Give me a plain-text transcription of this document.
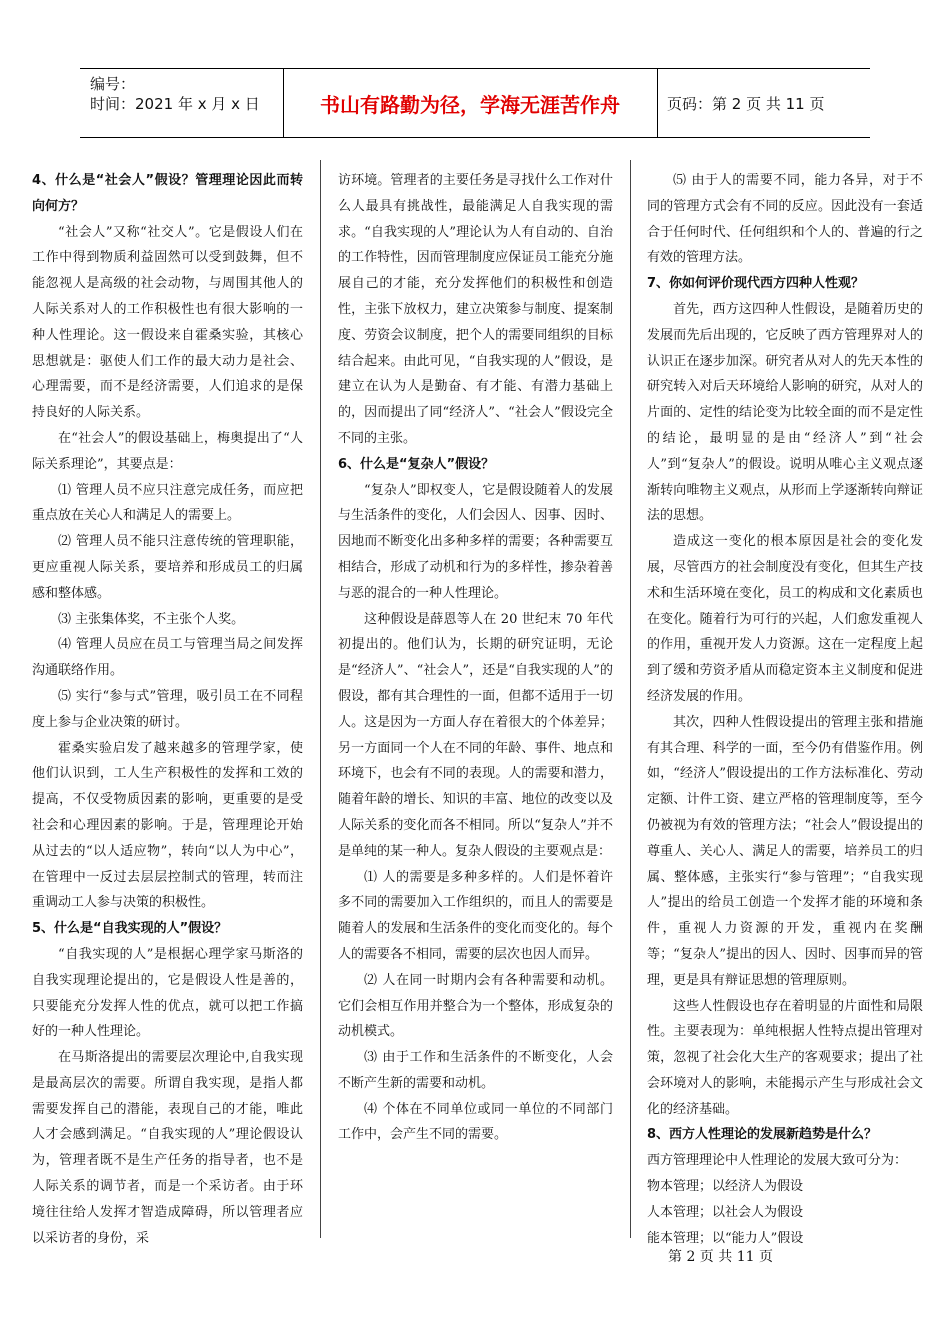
编号：
时间：2021 年 x 月 x 日	书山有路勤为径，学海无涯苦作舟	页码：第 2 页 共 11 页
4、什么是“社会人”假设？管理理论因此而转向何方？

“社会人”又称“社交人”。它是假设人们在工作中得到物质利益固然可以受到鼓舞，但不能忽视人是高级的社会动物，与周围其他人的人际关系对人的工作积极性也有很大影响的一种人性理论。这一假设来自霍桑实验，其核心思想就是：驱使人们工作的最大动力是社会、心理需要，而不是经济需要，人们追求的是保持良好的人际关系。

在“社会人”的假设基础上，梅奥提出了“人际关系理论”，其要点是：

⑴ 管理人员不应只注意完成任务，而应把重点放在关心人和满足人的需要上。

⑵ 管理人员不能只注意传统的管理职能，更应重视人际关系，要培养和形成员工的归属感和整体感。

⑶ 主张集体奖，不主张个人奖。

⑷ 管理人员应在员工与管理当局之间发挥沟通联络作用。

⑸ 实行“参与式”管理，吸引员工在不同程度上参与企业决策的研讨。

霍桑实验启发了越来越多的管理学家，使他们认识到，工人生产积极性的发挥和工效的提高，不仅受物质因素的影响，更重要的是受社会和心理因素的影响。于是，管理理论开始从过去的“以人适应物”，转向“以人为中心”，在管理中一反过去层层控制式的管理，转而注重调动工人参与决策的积极性。

5、什么是“自我实现的人”假设？

“自我实现的人”是根据心理学家马斯洛的自我实现理论提出的，它是假设人性是善的，只要能充分发挥人性的优点，就可以把工作搞好的一种人性理论。

在马斯洛提出的需要层次理论中,自我实现是最高层次的需要。所谓自我实现，是指人都需要发挥自己的潜能，表现自己的才能，唯此人才会感到满足。“自我实现的人”理论假设认为，管理者既不是生产任务的指导者，也不是人际关系的调节者，而是一个采访者。由于环境往往给人发挥才智造成障碍，所以管理者应以采访者的身份，采

访环境。管理者的主要任务是寻找什么工作对什么人最具有挑战性，最能满足人自我实现的需求。“自我实现的人”理论认为人有自动的、自治的工作特性，因而管理制度应保证员工能充分施展自己的才能，充分发挥他们的积极性和创造性，主张下放权力，建立决策参与制度、提案制度、劳资会议制度，把个人的需要同组织的目标结合起来。由此可见，“自我实现的人”假设，是建立在认为人是勤奋、有才能、有潜力基础上的，因而提出了同“经济人”、“社会人”假设完全不同的主张。

6、什么是“复杂人”假设？

“复杂人”即权变人，它是假设随着人的发展与生活条件的变化，人们会因人、因事、因时、因地而不断变化出多种多样的需要；各种需要互相结合，形成了动机和行为的多样性，掺杂着善与恶的混合的一种人性理论。

这种假设是薛恩等人在 20 世纪末 70 年代初提出的。他们认为，长期的研究证明，无论是“经济人”、“社会人”，还是“自我实现的人”的假设，都有其合理性的一面，但都不适用于一切人。这是因为一方面人存在着很大的个体差异；另一方面同一个人在不同的年龄、事件、地点和环境下，也会有不同的表现。人的需要和潜力，随着年龄的增长、知识的丰富、地位的改变以及人际关系的变化而各不相同。所以“复杂人”并不是单纯的某一种人。复杂人假设的主要观点是：

⑴ 人的需要是多种多样的。人们是怀着许多不同的需要加入工作组织的，而且人的需要是随着人的发展和生活条件的变化而变化的。每个人的需要各不相同，需要的层次也因人而异。

⑵ 人在同一时期内会有各种需要和动机。它们会相互作用并整合为一个整体，形成复杂的动机模式。

⑶ 由于工作和生活条件的不断变化，人会不断产生新的需要和动机。

⑷ 个体在不同单位或同一单位的不同部门工作中，会产生不同的需要。

⑸ 由于人的需要不同，能力各异，对于不同的管理方式会有不同的反应。因此没有一套适合于任何时代、任何组织和个人的、普遍的行之有效的管理方法。

7、你如何评价现代西方四种人性观？

首先，西方这四种人性假设，是随着历史的发展而先后出现的，它反映了西方管理界对人的认识正在逐步加深。研究者从对人的先天本性的研究转入对后天环境给人影响的研究，从对人的片面的、定性的结论变为比较全面的而不是定性的结论，最明显的是由“经济人”到“社会人”到“复杂人”的假设。说明从唯心主义观点逐渐转向唯物主义观点，从形而上学逐渐转向辩证法的思想。

造成这一变化的根本原因是社会的变化发展，尽管西方的社会制度没有变化，但其生产技术和生活环境在变化，员工的构成和文化素质也在变化。随着行为可行的兴起，人们愈发重视人的作用，重视开发人力资源。这在一定程度上起到了缓和劳资矛盾从而稳定资本主义制度和促进经济发展的作用。

其次，四种人性假设提出的管理主张和措施有其合理、科学的一面，至今仍有借鉴作用。例如，“经济人”假设提出的工作方法标准化、劳动定额、计件工资、建立严格的管理制度等，至今仍被视为有效的管理方法；“社会人”假设提出的尊重人、关心人、满足人的需要，培养员工的归属、整体感，主张实行“参与管理”；“自我实现人”提出的给员工创造一个发挥才能的环境和条件，重视人力资源的开发，重视内在奖酬等；“复杂人”提出的因人、因时、因事而异的管理，更是具有辩证思想的管理原则。

这些人性假设也存在着明显的片面性和局限性。主要表现为：单纯根据人性特点提出管理对策，忽视了社会化大生产的客观要求；提出了社会环境对人的影响，未能揭示产生与形成社会文化的经济基础。

8、西方人性理论的发展新趋势是什么？

西方管理理论中人性理论的发展大致可分为：

物本管理；以经济人为假设

人本管理；以社会人为假设

能本管理；以“能力人”假设

第 2 页 共 11 页
